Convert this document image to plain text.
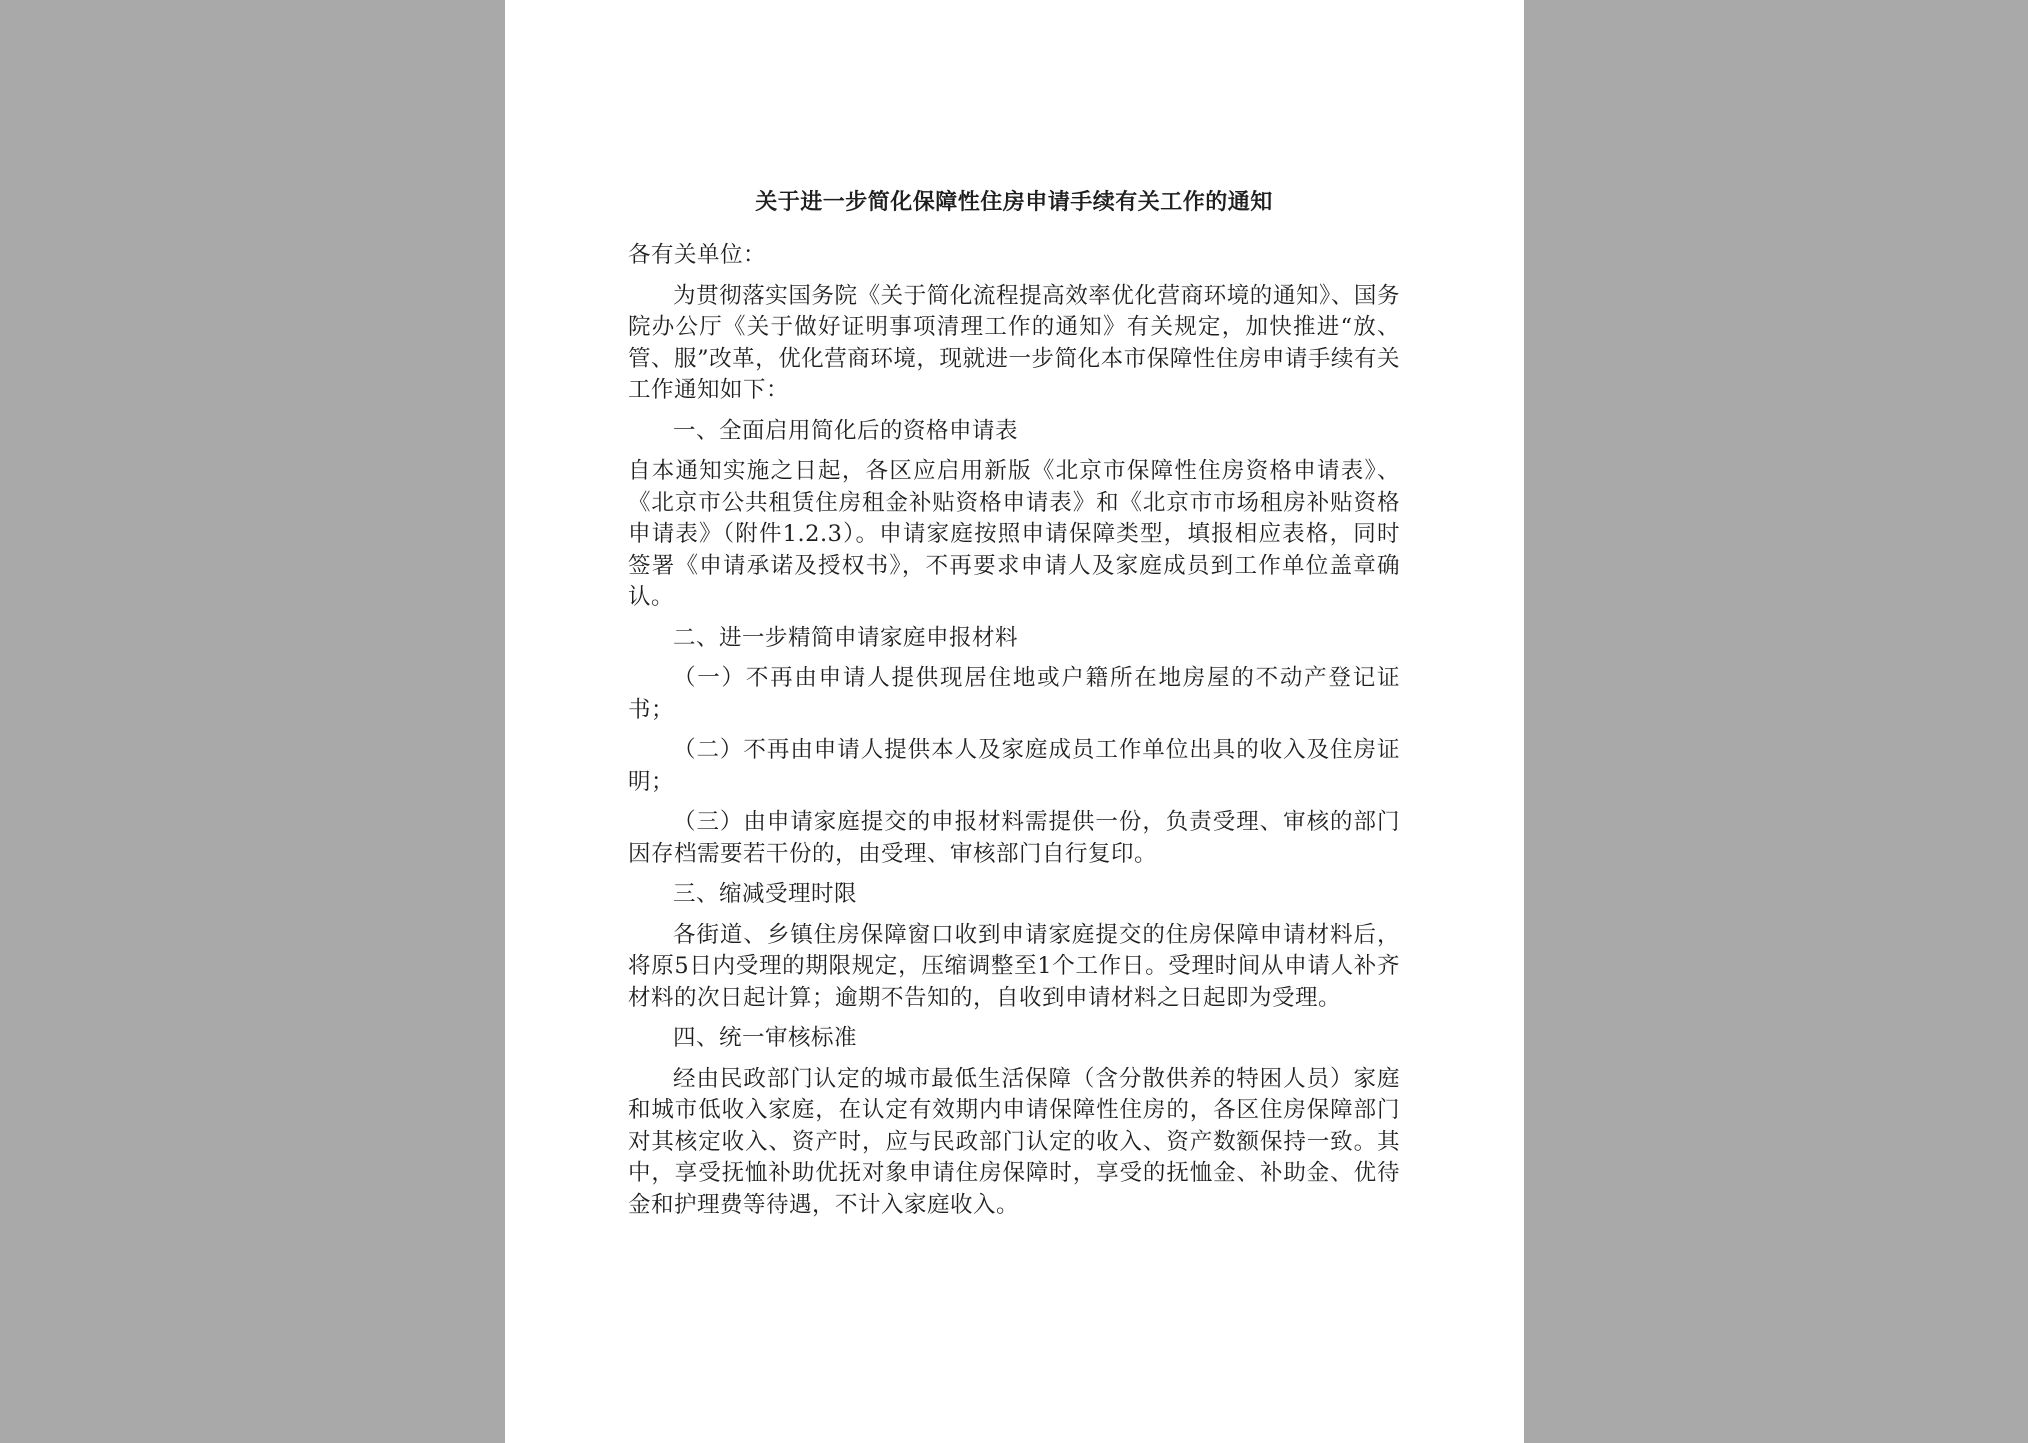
关于进一步简化保障性住房申请手续有关工作的通知
各有关单位：
为贯彻落实国务院《关于简化流程提高效率优化营商环境的通知》、国务院办公厅《关于做好证明事项清理工作的通知》有关规定，加快推进“放、管、服”改革，优化营商环境，现就进一步简化本市保障性住房申请手续有关工作通知如下：
一、全面启用简化后的资格申请表
自本通知实施之日起，各区应启用新版《北京市保障性住房资格申请表》、《北京市公共租赁住房租金补贴资格申请表》和《北京市市场租房补贴资格申请表》（附件1.2.3）。申请家庭按照申请保障类型，填报相应表格，同时签署《申请承诺及授权书》，不再要求申请人及家庭成员到工作单位盖章确认。
二、进一步精简申请家庭申报材料
（一）不再由申请人提供现居住地或户籍所在地房屋的不动产登记证书；
（二）不再由申请人提供本人及家庭成员工作单位出具的收入及住房证明；
（三）由申请家庭提交的申报材料需提供一份，负责受理、审核的部门因存档需要若干份的，由受理、审核部门自行复印。
三、缩减受理时限
各街道、乡镇住房保障窗口收到申请家庭提交的住房保障申请材料后，将原5日内受理的期限规定，压缩调整至1个工作日。受理时间从申请人补齐材料的次日起计算；逾期不告知的，自收到申请材料之日起即为受理。
四、统一审核标准
经由民政部门认定的城市最低生活保障（含分散供养的特困人员）家庭和城市低收入家庭，在认定有效期内申请保障性住房的，各区住房保障部门对其核定收入、资产时，应与民政部门认定的收入、资产数额保持一致。其中，享受抚恤补助优抚对象申请住房保障时，享受的抚恤金、补助金、优待金和护理费等待遇，不计入家庭收入。
